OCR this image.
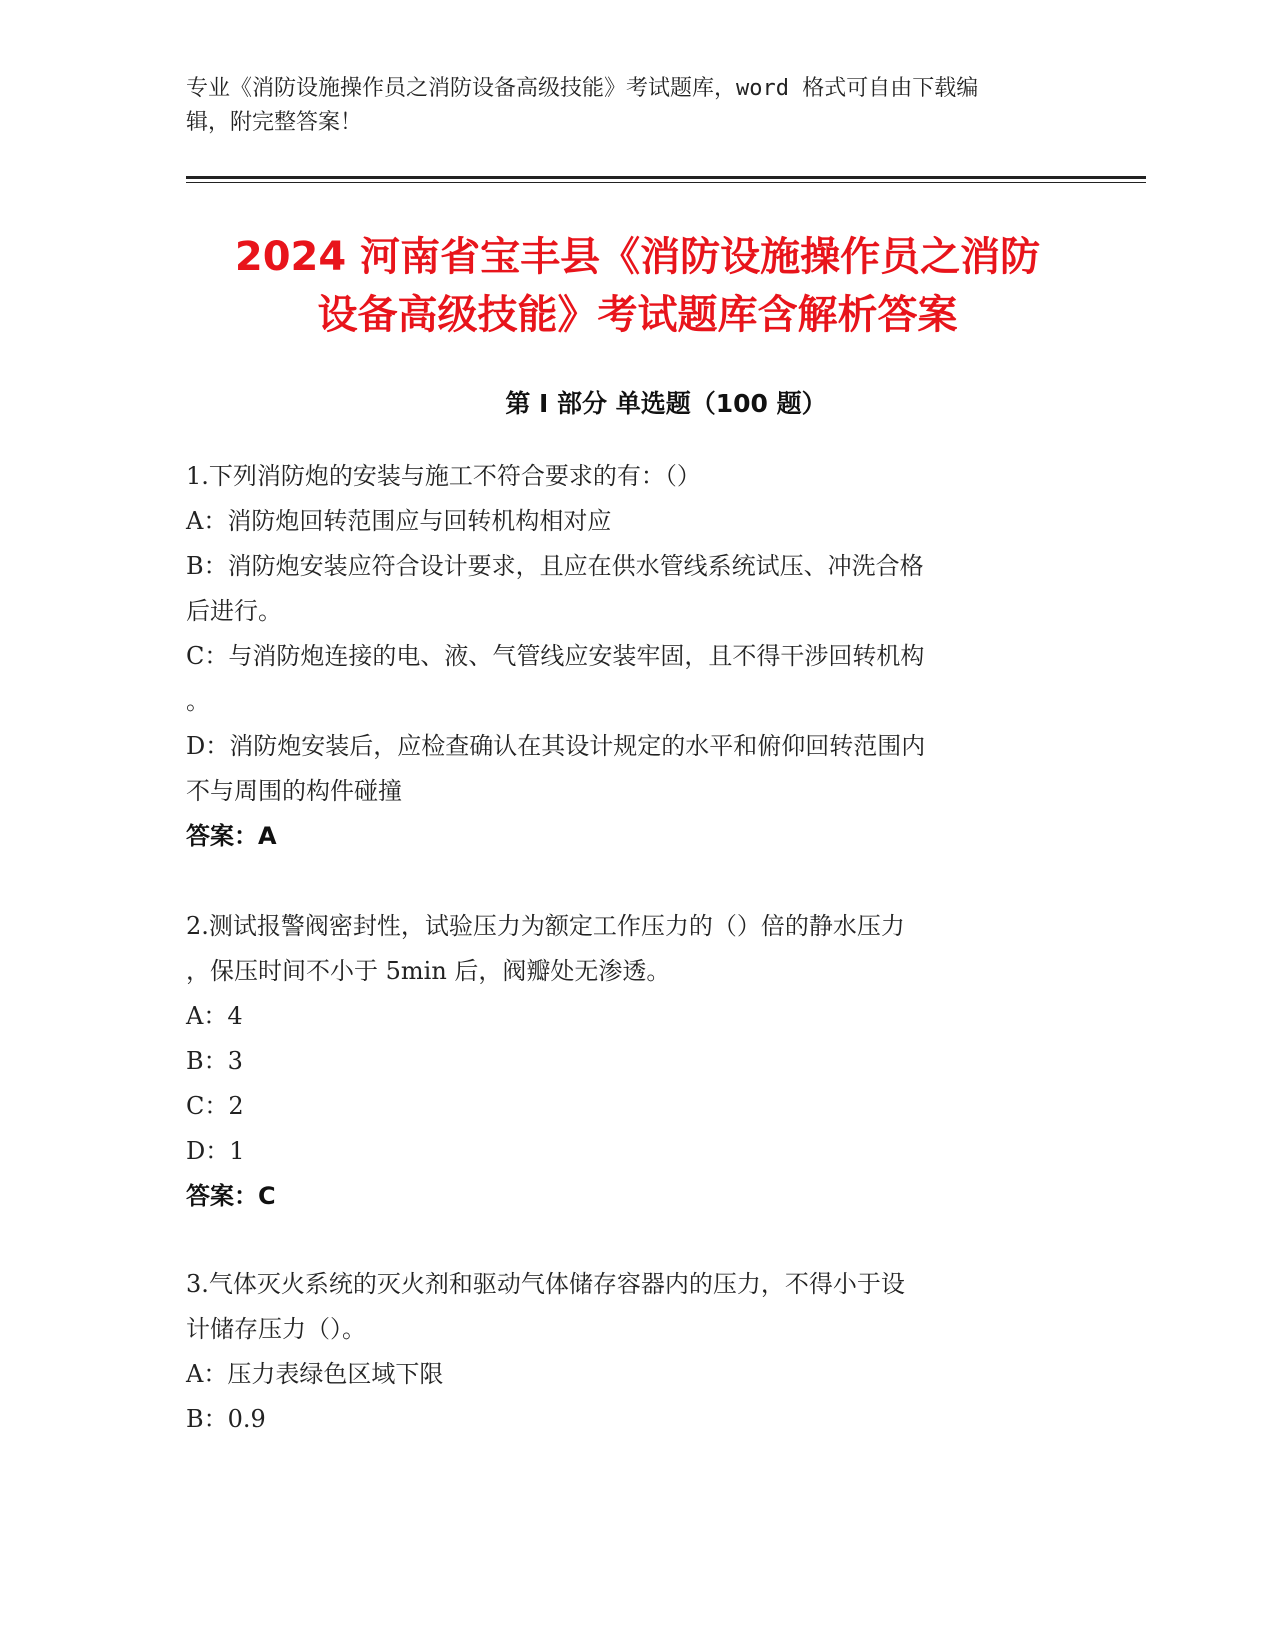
专业《消防设施操作员之消防设备高级技能》考试题库，word 格式可自由下载编
辑，附完整答案！
2024 河南省宝丰县《消防设施操作员之消防
设备高级技能》考试题库含解析答案
第 I 部分 单选题（100 题）
1.下列消防炮的安装与施工不符合要求的有：（）
A：消防炮回转范围应与回转机构相对应
B：消防炮安装应符合设计要求，且应在供水管线系统试压、冲洗合格
后进行。
C：与消防炮连接的电、液、气管线应安装牢固，且不得干涉回转机构
。
D：消防炮安装后，应检查确认在其设计规定的水平和俯仰回转范围内
不与周围的构件碰撞
答案：A
2.测试报警阀密封性，试验压力为额定工作压力的（）倍的静水压力
，保压时间不小于 5min 后，阀瓣处无渗透。
A：4
B：3
C：2
D：1
答案：C
3.气体灭火系统的灭火剂和驱动气体储存容器内的压力，不得小于设
计储存压力（）。
A：压力表绿色区域下限
B：0.9
